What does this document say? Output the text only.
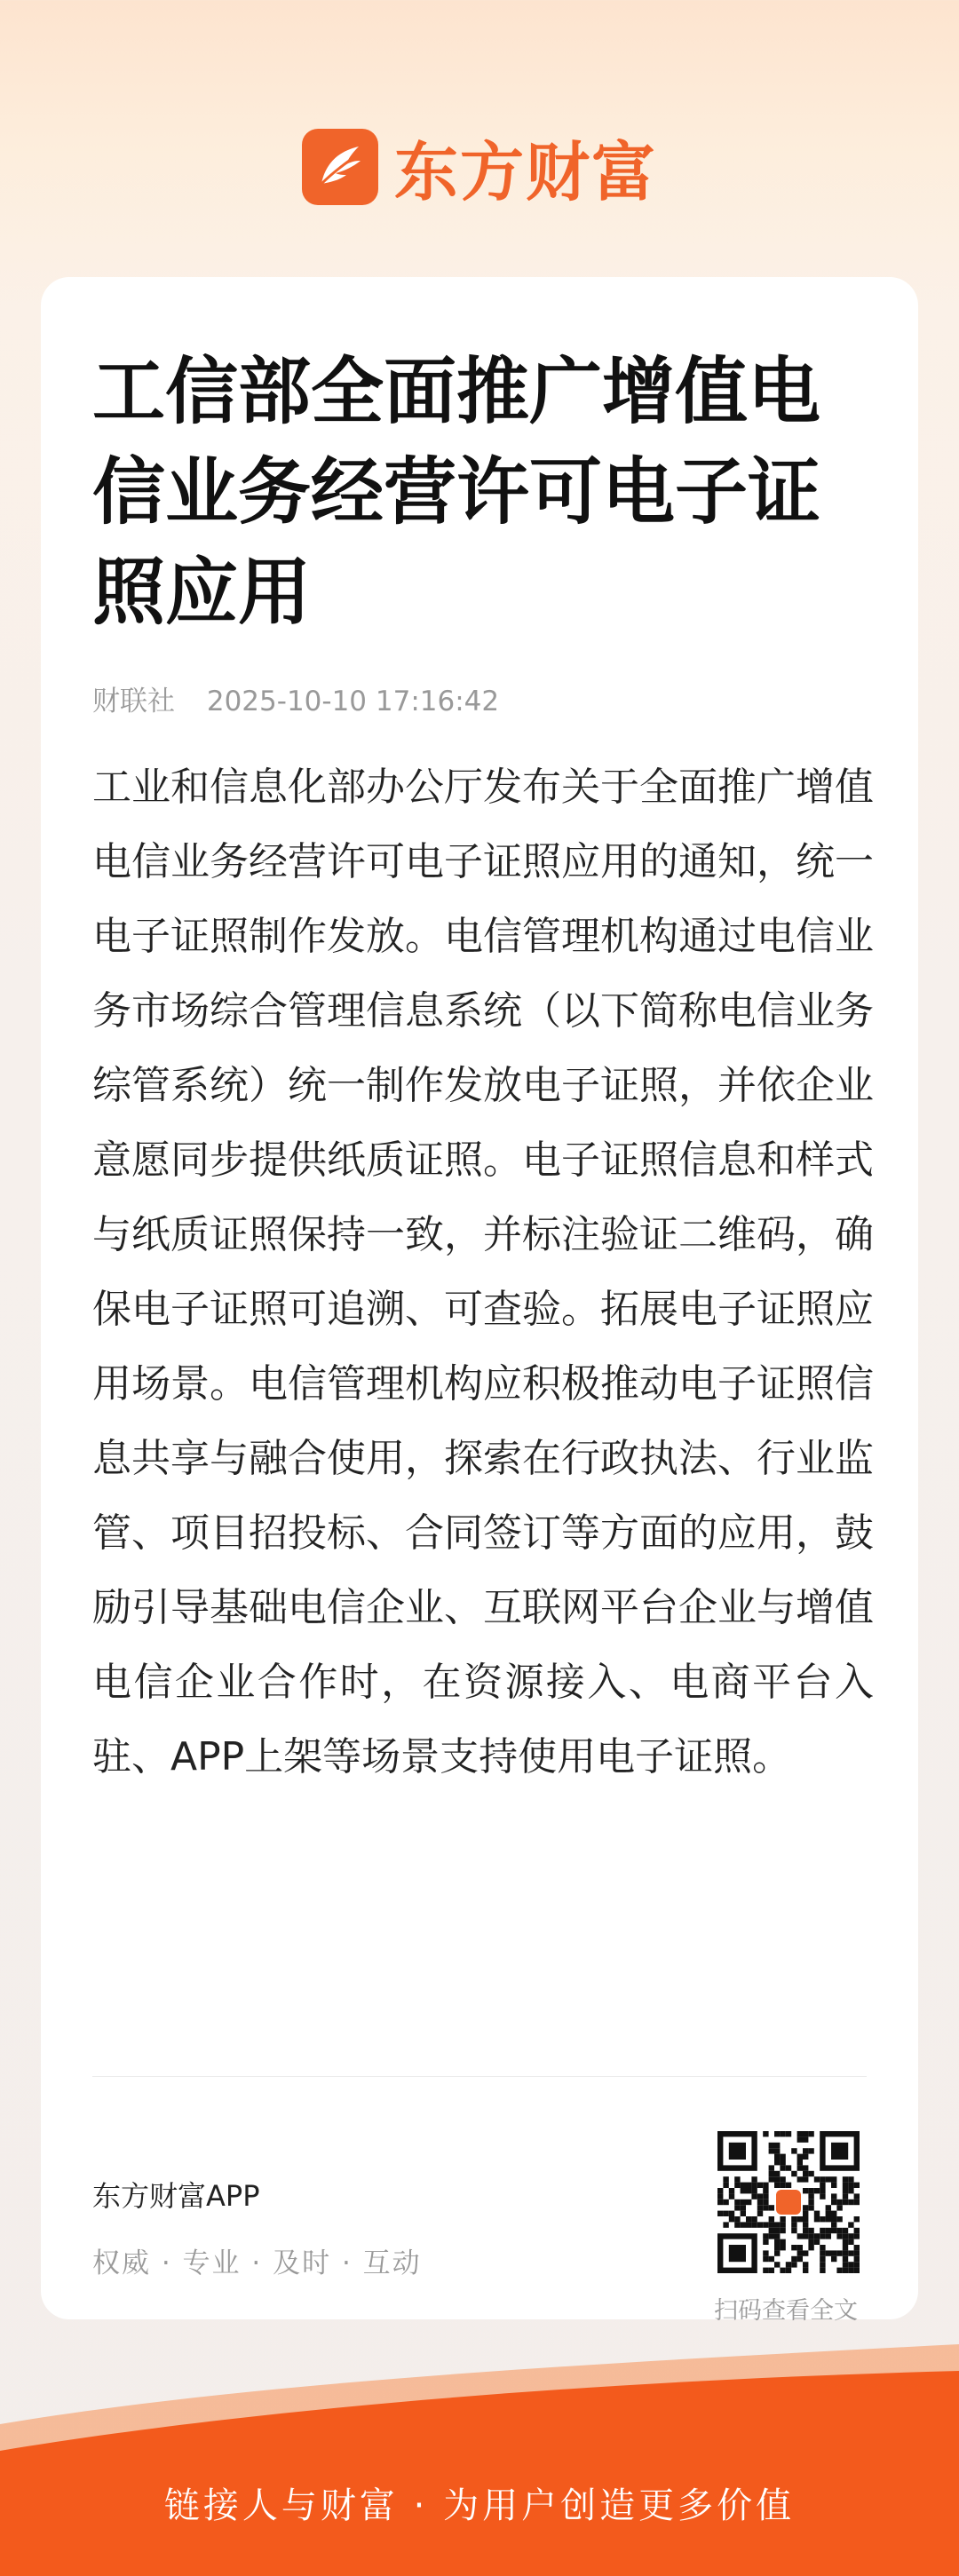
东方财富
工信部全面推广增值电信业务经营许可电子证照应用
财联社 2025-10-10 17:16:42

工业和信息化部办公厅发布关于全面推广增值电信业务经营许可电子证照应用的通知，统一电子证照制作发放。电信管理机构通过电信业务市场综合管理信息系统（以下简称电信业务综管系统）统一制作发放电子证照，并依企业意愿同步提供纸质证照。电子证照信息和样式与纸质证照保持一致，并标注验证二维码，确保电子证照可追溯、可查验。拓展电子证照应用场景。电信管理机构应积极推动电子证照信息共享与融合使用，探索在行政执法、行业监管、项目招投标、合同签订等方面的应用，鼓励引导基础电信企业、互联网平台企业与增值电信企业合作时，在资源接入、电商平台入驻、APP上架等场景支持使用电子证照。

东方财富APP
权威 · 专业 · 及时 · 互动
扫码查看全文
链接人与财富 · 为用户创造更多价值
